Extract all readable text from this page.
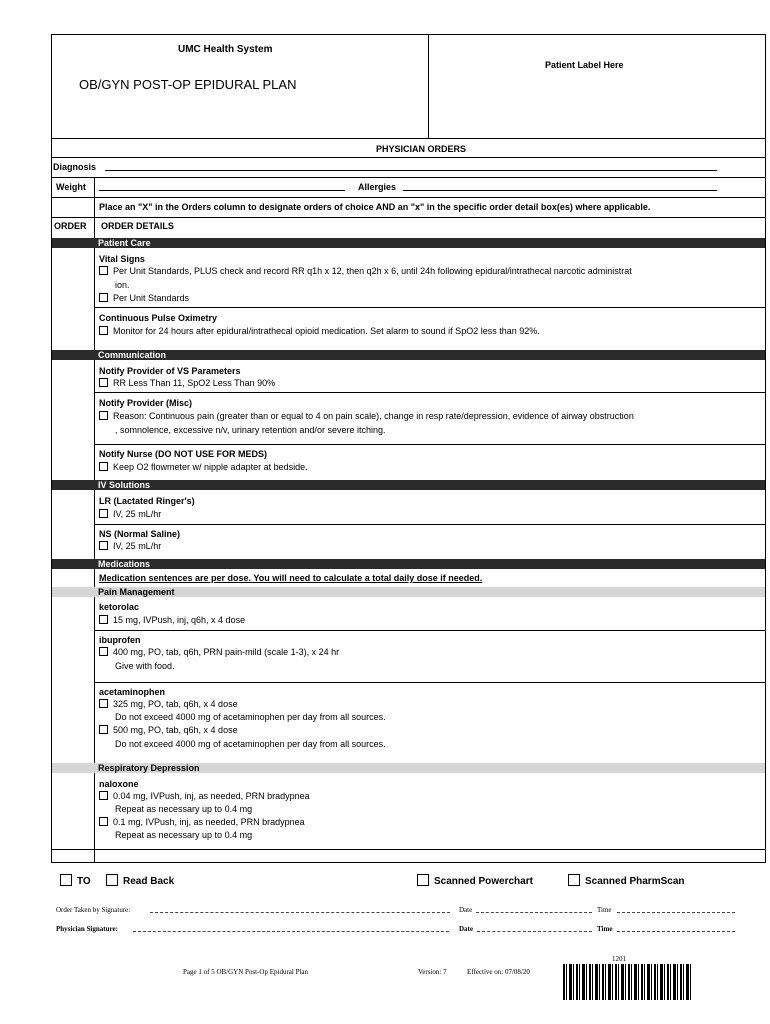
UMC Health System
OB/GYN POST-OP EPIDURAL PLAN
Patient Label Here
PHYSICIAN ORDERS
Diagnosis
Weight	Allergies
Place an "X" in the Orders column to designate orders of choice AND an "x" in the specific order detail box(es) where applicable.
ORDER ORDER DETAILS
Patient Care
Vital Signs
Per Unit Standards, PLUS check and record RR q1h x 12, then q2h x 6, until 24h following epidural/intrathecal narcotic administrat
ion.
Per Unit Standards
Continuous Pulse Oximetry
Monitor for 24 hours after epidural/intrathecal opioid medication. Set alarm to sound if SpO2 less than 92%.
Communication
Notify Provider of VS Parameters
RR Less Than 11, SpO2 Less Than 90%
Notify Provider (Misc)
Reason: Continuous pain (greater than or equal to 4 on pain scale), change in resp rate/depression, evidence of airway obstruction
, somnolence, excessive n/v, urinary retention and/or severe itching.
Notify Nurse (DO NOT USE FOR MEDS)
Keep O2 flowmeter w/ nipple adapter at bedside.
IV Solutions
LR (Lactated Ringer's)
IV, 25 mL/hr
NS (Normal Saline)
IV, 25 mL/hr
Medications
Medication sentences are per dose. You will need to calculate a total daily dose if needed.
Pain Management
ketorolac
15 mg, IVPush, inj, q6h, x 4 dose
ibuprofen
400 mg, PO, tab, q6h, PRN pain-mild (scale 1-3), x 24 hr
Give with food.
acetaminophen
325 mg, PO, tab, q6h, x 4 dose
Do not exceed 4000 mg of acetaminophen per day from all sources.
500 mg, PO, tab, q6h, x 4 dose
Do not exceed 4000 mg of acetaminophen per day from all sources.
Respiratory Depression
naloxone
0.04 mg, IVPush, inj, as needed, PRN bradypnea
Repeat as necessary up to 0.4 mg
0.1 mg, IVPush, inj, as needed, PRN bradypnea
Repeat as necessary up to 0.4 mg
TO	Read Back	Scanned Powerchart	Scanned PharmScan
Order Taken by Signature:	Date	Time
Physician Signature:	Date	Time
Page 1 of 5 OB/GYN Post-Op Epidural Plan	Version: 7	Effective on: 07/08/20
1201
